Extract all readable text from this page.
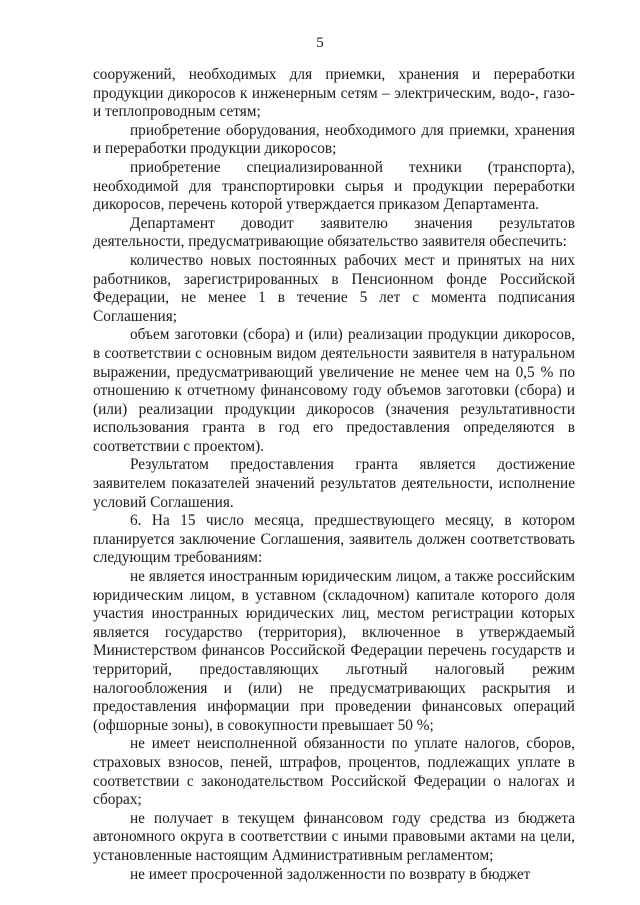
5

сооружений, необходимых для приемки, хранения и переработки продукции дикоросов к инженерным сетям – электрическим, водо-, газо- и теплопроводным сетям;

приобретение оборудования, необходимого для приемки, хранения и переработки продукции дикоросов;

приобретение специализированной техники (транспорта), необходимой для транспортировки сырья и продукции переработки дикоросов, перечень которой утверждается приказом Департамента.

Департамент доводит заявителю значения результатов деятельности, предусматривающие обязательство заявителя обеспечить:

количество новых постоянных рабочих мест и принятых на них работников, зарегистрированных в Пенсионном фонде Российской Федерации, не менее 1 в течение 5 лет с момента подписания Соглашения;

объем заготовки (сбора) и (или) реализации продукции дикоросов, в соответствии с основным видом деятельности заявителя в натуральном выражении, предусматривающий увеличение не менее чем на 0,5 % по отношению к отчетному финансовому году объемов заготовки (сбора) и (или) реализации продукции дикоросов (значения результативности использования гранта в год его предоставления определяются в соответствии с проектом).

Результатом предоставления гранта является достижение заявителем показателей значений результатов деятельности, исполнение условий Соглашения.

6. На 15 число месяца, предшествующего месяцу, в котором планируется заключение Соглашения, заявитель должен соответствовать следующим требованиям:

не является иностранным юридическим лицом, а также российским юридическим лицом, в уставном (складочном) капитале которого доля участия иностранных юридических лиц, местом регистрации которых является государство (территория), включенное в утверждаемый Министерством финансов Российской Федерации перечень государств и территорий, предоставляющих льготный налоговый режим налогообложения и (или) не предусматривающих раскрытия и предоставления информации при проведении финансовых операций (офшорные зоны), в совокупности превышает 50 %;

не имеет неисполненной обязанности по уплате налогов, сборов, страховых взносов, пеней, штрафов, процентов, подлежащих уплате в соответствии с законодательством Российской Федерации о налогах и сборах;

не получает в текущем финансовом году средства из бюджета автономного округа в соответствии с иными правовыми актами на цели, установленные настоящим Административным регламентом;

не имеет просроченной задолженности по возврату в бюджет
